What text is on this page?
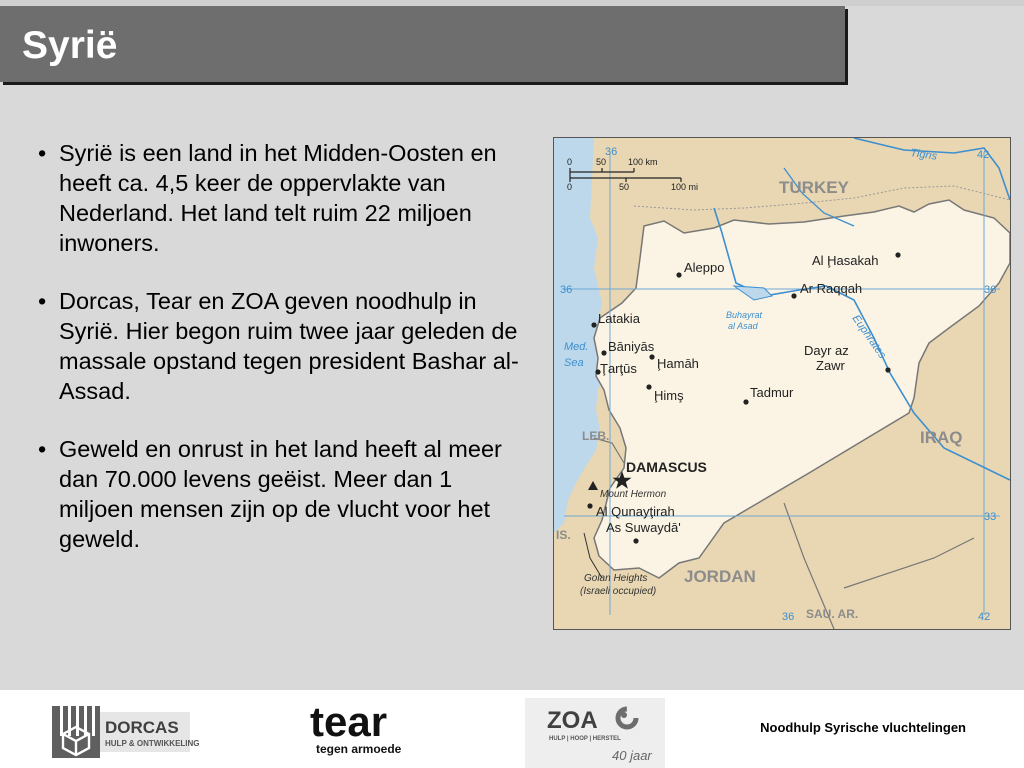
Syrië
• Syrië is een land in het Midden-Oosten en heeft ca. 4,5 keer de oppervlakte van Nederland. Het land telt ruim 22 miljoen inwoners.
• Dorcas, Tear en ZOA geven noodhulp in Syrië. Hier begon ruim twee jaar geleden de massale opstand tegen president Bashar al-Assad.
• Geweld en onrust in het land heeft al meer dan 70.000 levens geëist. Meer dan 1 miljoen mensen zijn op de vlucht voor het geweld.
0	50 100 km
0	50	100 mi
36	42
36	36
33
36	42
TURKEY
IRAQ
JORDAN
LEB.
IS.
SAU. AR.
Tigris
Med.
Sea
Euphrates
Buhayrat
al Asad
Aleppo	Al Ḩasakah
Ar Raqqah
Latakia
Bāniyās
Ḩamāh
Ţarţūs
Ḩimş
Dayr az
Zawr
Tadmur
Al Qunayţirah
As Suwaydā'
DAMASCUS
Mount Hermon
Golan Heights
(Israeli occupied)
DORCAS
HULP & ONTWIKKELING	tear
tegen armoede
ZOA
HULP | HOOP | HERSTEL
40 jaar
Noodhulp Syrische vluchtelingen
